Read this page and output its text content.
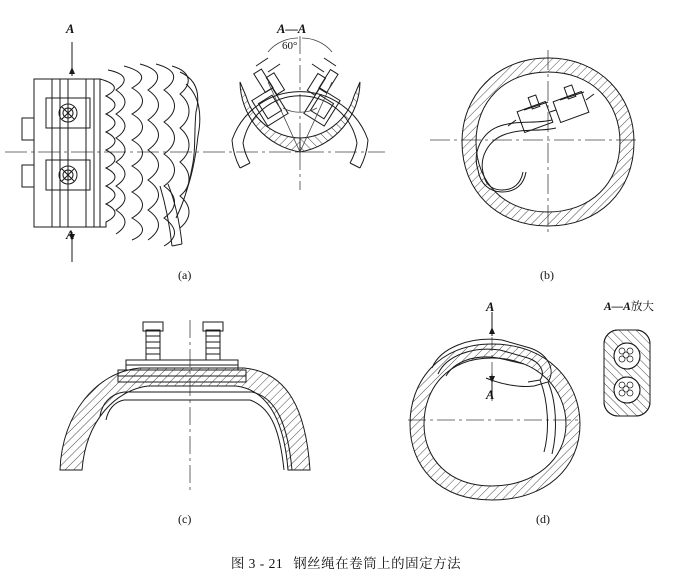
A
A
A—A
60°
A
A
A—A放大
(a)	(b)
(c)	(d)
图 3 - 21 钢丝绳在卷筒上的固定方法
